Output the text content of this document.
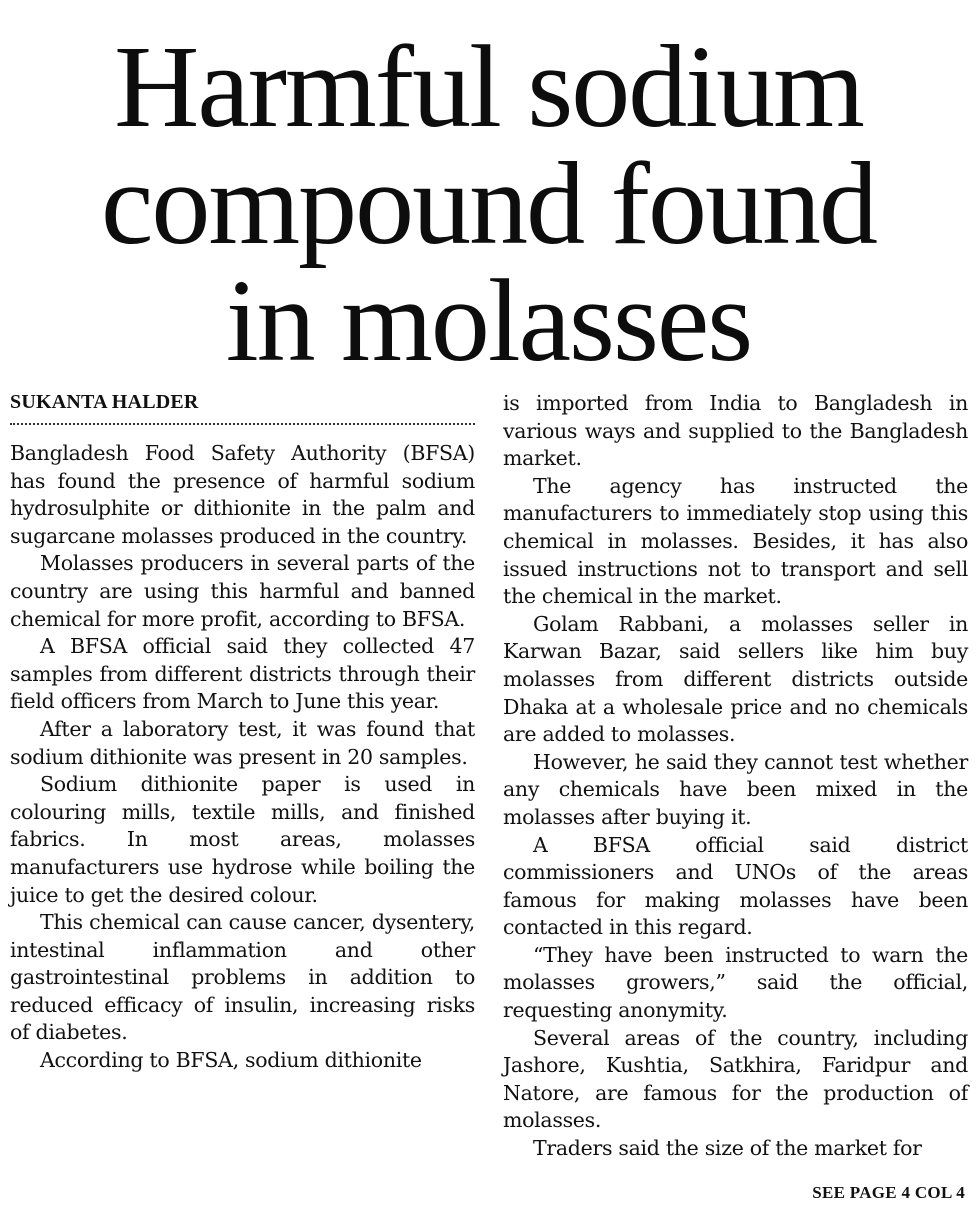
Harmful sodium
compound found
in molasses
SUKANTA HALDER

Bangladesh Food Safety Authority (BFSA) has found the presence of harmful sodium hydrosulphite or dithionite in the palm and sugarcane molasses produced in the country.

Molasses producers in several parts of the country are using this harmful and banned chemical for more profit, according to BFSA.

A BFSA official said they collected 47 samples from different districts through their field officers from March to June this year.

After a laboratory test, it was found that sodium dithionite was present in 20 samples.

Sodium dithionite paper is used in colouring mills, textile mills, and finished fabrics. In most areas, molasses manufacturers use hydrose while boiling the juice to get the desired colour.

This chemical can cause cancer, dysentery, intestinal inflammation and other gastrointestinal problems in addition to reduced efficacy of insulin, increasing risks of diabetes.

According to BFSA, sodium dithionite

is imported from India to Bangladesh in various ways and supplied to the Bangladesh market.

The agency has instructed the manufacturers to immediately stop using this chemical in molasses. Besides, it has also issued instructions not to transport and sell the chemical in the market.

Golam Rabbani, a molasses seller in Karwan Bazar, said sellers like him buy molasses from different districts outside Dhaka at a wholesale price and no chemicals are added to molasses.

However, he said they cannot test whether any chemicals have been mixed in the molasses after buying it.

A BFSA official said district commissioners and UNOs of the areas famous for making molasses have been contacted in this regard.

“They have been instructed to warn the molasses growers,” said the official, requesting anonymity.

Several areas of the country, including Jashore, Kushtia, Satkhira, Faridpur and Natore, are famous for the production of molasses.

Traders said the size of the market for

SEE PAGE 4 COL 4
